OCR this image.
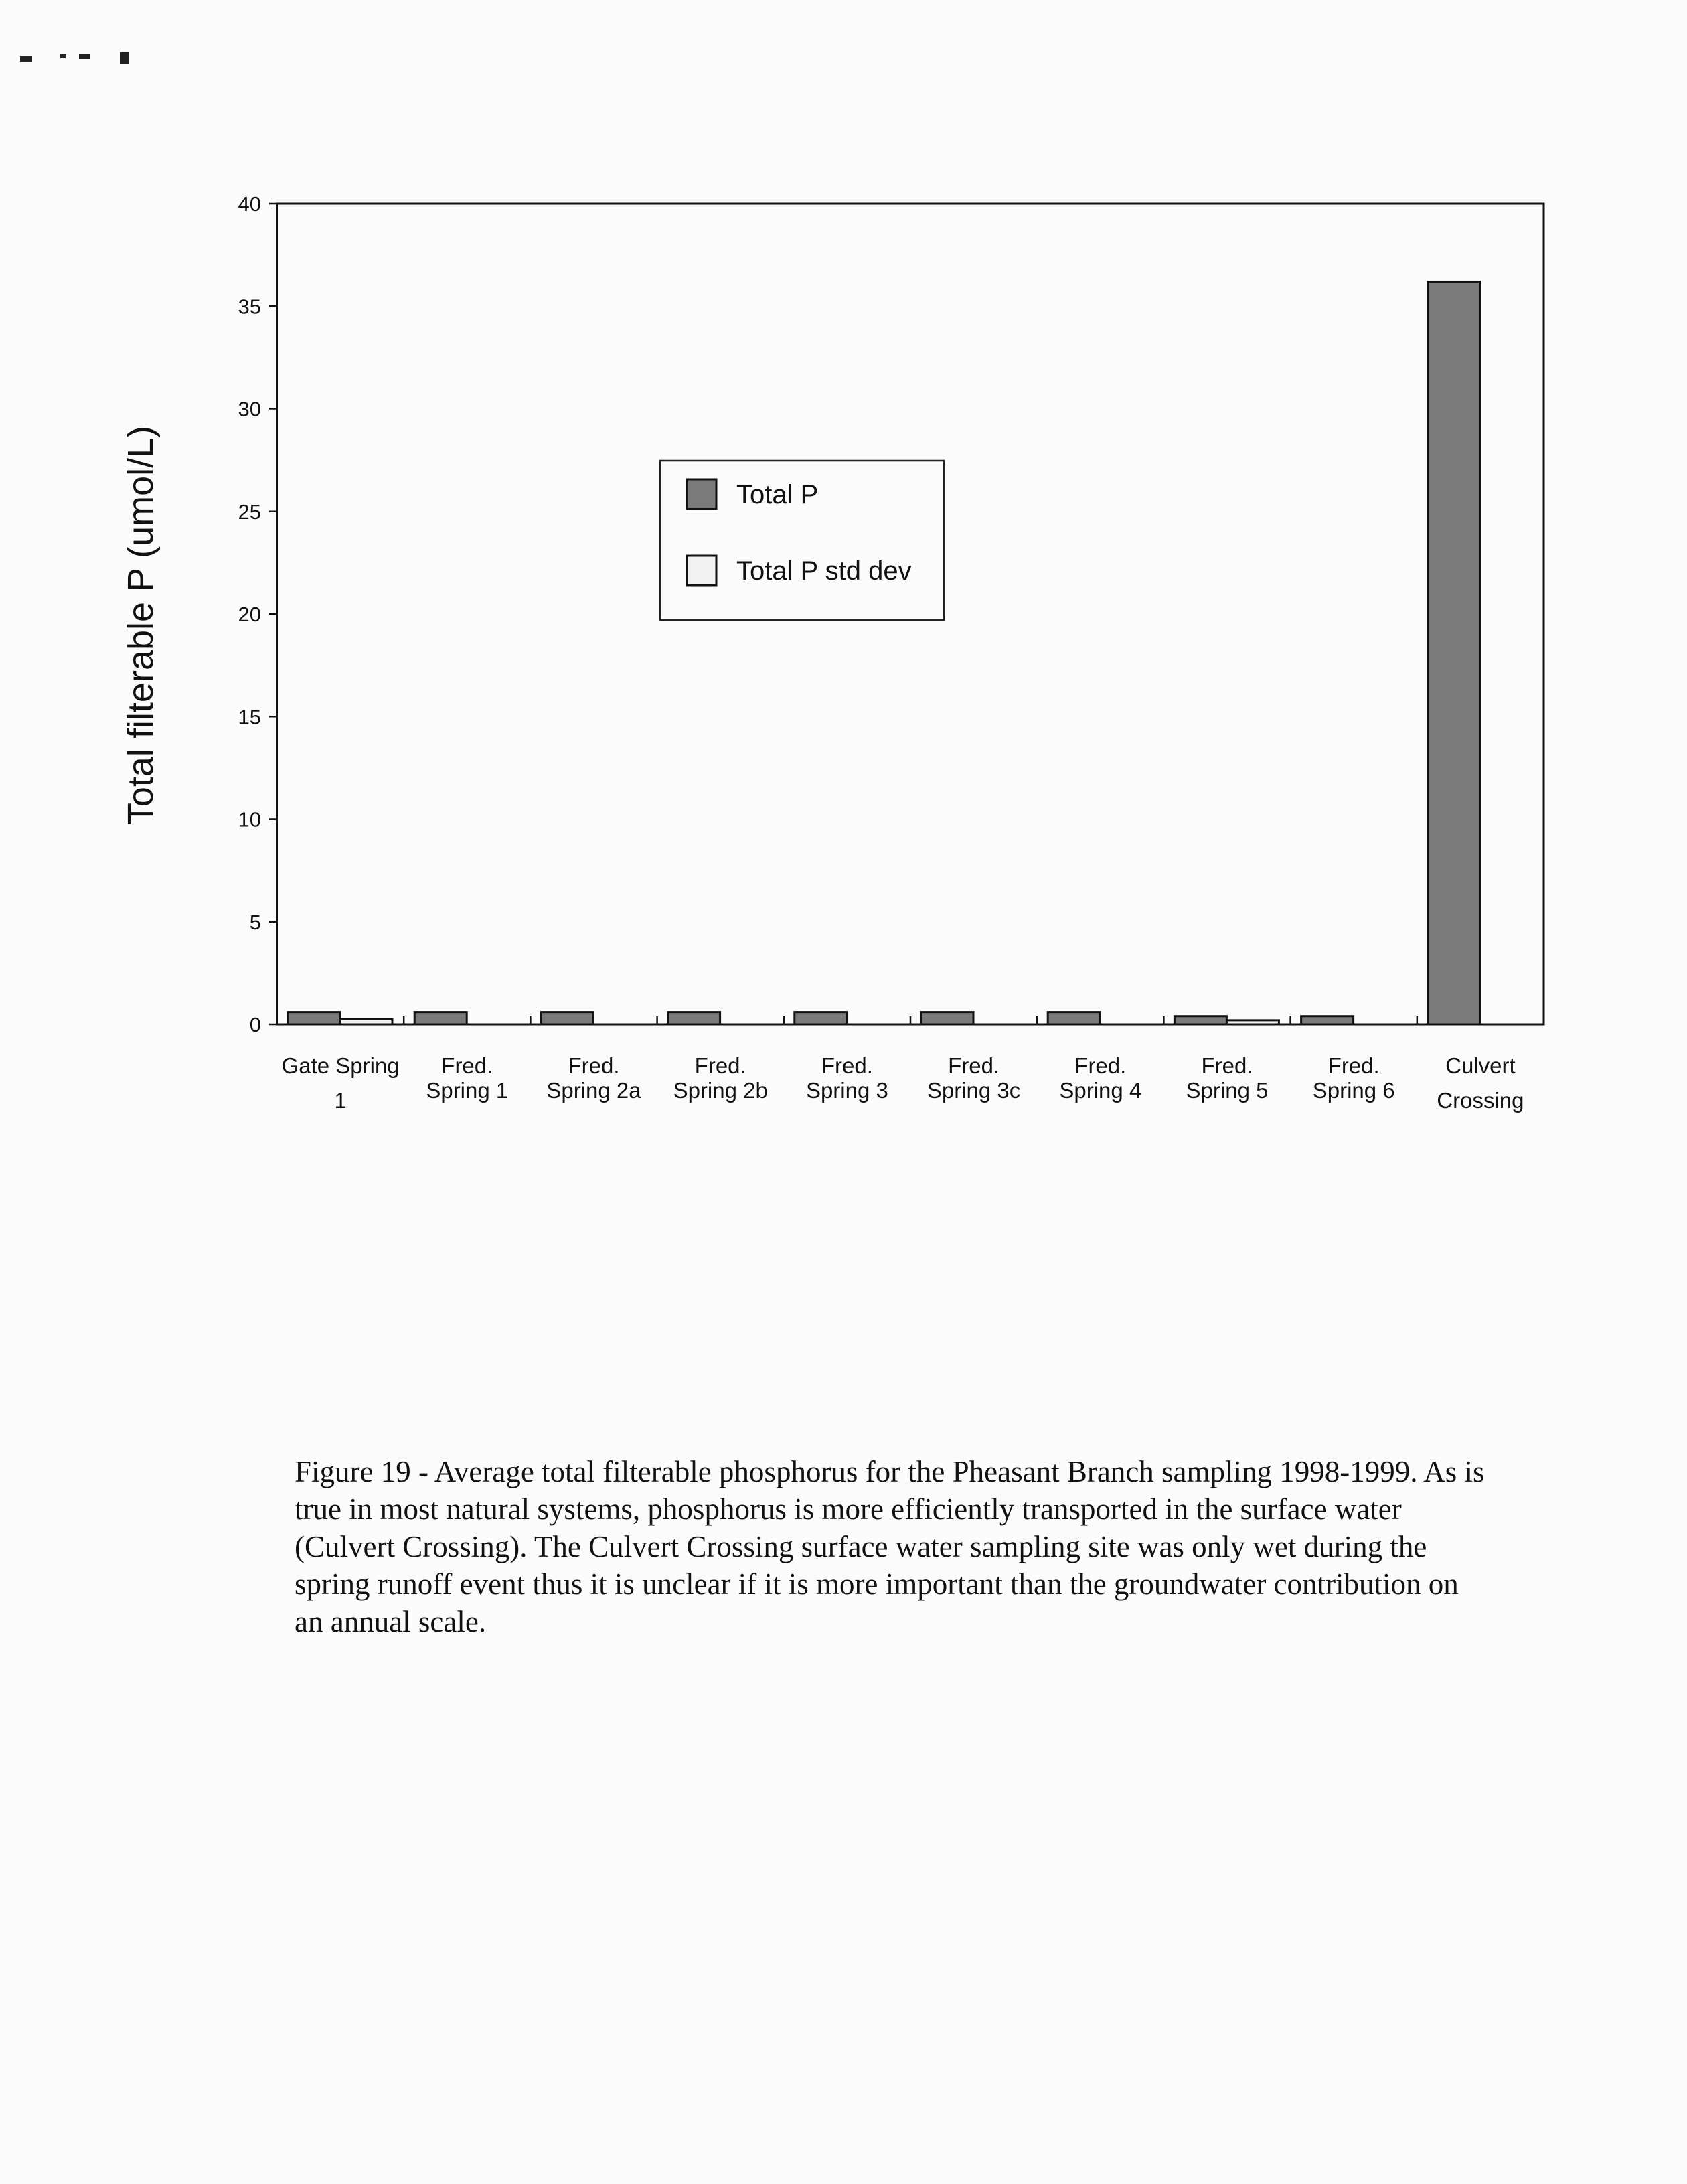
0
5
10
15
20
25
30
35
40
Gate Spring
1
Fred.
Spring 1
Fred.
Spring 2a
Fred.
Spring 2b
Fred.
Spring 3
Fred.
Spring 3c
Fred.
Spring 4
Fred.
Spring 5
Fred.
Spring 6
Culvert
Crossing
Total filterable P (umol/L)	Total P
Total P std dev

Figure 19 - Average total filterable phosphorus for the Pheasant Branch sampling 1998-1999. As is true in most natural systems, phosphorus is more efficiently transported in the surface water (Culvert Crossing). The Culvert Crossing surface water sampling site was only wet during the spring runoff event thus it is unclear if it is more important than the groundwater contribution on an annual scale.
